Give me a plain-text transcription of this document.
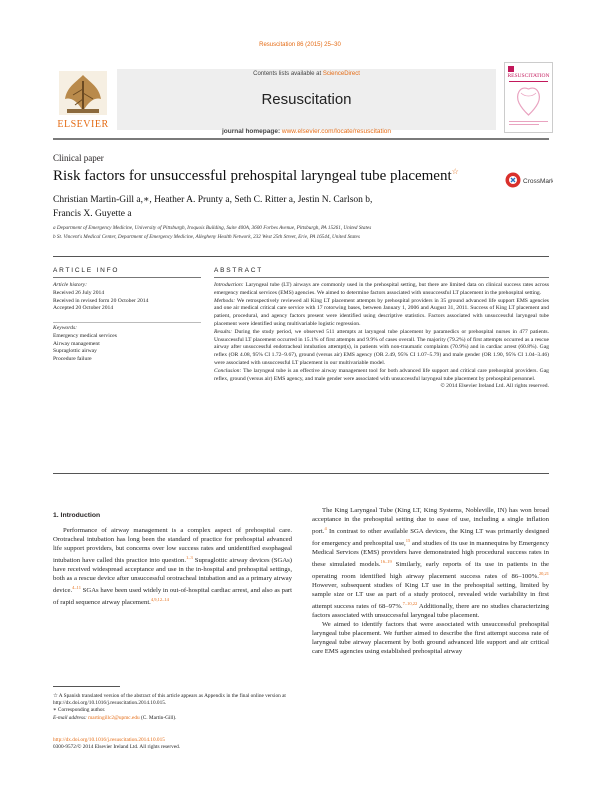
Resuscitation 86 (2015) 25–30
ELSEVIER
Contents lists available at ScienceDirect
Resuscitation
journal homepage: www.elsevier.com/locate/resuscitation
RESUSCITATION
Clinical paper
Risk factors for unsuccessful prehospital laryngeal tube placement☆
CrossMark
Christian Martin-Gill a,∗, Heather A. Prunty a, Seth C. Ritter a, Jestin N. Carlson b,
Francis X. Guyette a
a Department of Emergency Medicine, University of Pittsburgh, Iroquois Building, Suite 400A, 3600 Forbes Avenue, Pittsburgh, PA 15261, United States
b St. Vincent's Medical Center, Department of Emergency Medicine, Allegheny Health Network, 232 West 25th Street, Erie, PA 16544, United States
ARTICLE INFO	ABSTRACT
Article history:
Received 26 July 2014
Received in revised form 20 October 2014
Accepted 20 October 2014
Keywords:
Emergency medical services
Airway management
Supraglottic airway
Procedure failure

Introduction: Laryngeal tube (LT) airways are commonly used in the prehospital setting, but there are limited data on clinical success rates across emergency medical services (EMS) agencies. We aimed to determine factors associated with unsuccessful LT placement in the prehospital setting.

Methods: We retrospectively reviewed all King LT placement attempts by prehospital providers in 35 ground advanced life support EMS agencies and one air medical critical care service with 17 rotorwing bases, between January 1, 2006 and August 31, 2011. Success of King LT placement and patient, procedural, and agency factors present were identified using descriptive statistics. Factors associated with unsuccessful laryngeal tube placement were identified using multivariable logistic regression.

Results: During the study period, we observed 511 attempts at laryngeal tube placement by paramedics or prehospital nurses in 477 patients. Unsuccessful LT placement occurred in 15.1% of first attempts and 9.9% of cases overall. The majority (79.2%) of first attempts occurred as a rescue airway after unsuccessful endotracheal intubation attempt(s), in patients with non-traumatic complaints (70.9%) and in cardiac arrest (60.8%). Gag reflex (OR 4.08, 95% CI 1.72–9.67), ground (versus air) EMS agency (OR 2.49, 95% CI 1.07–5.79) and male gender (OR 1.90, 95% CI 1.04–3.46) were associated with unsuccessful LT placement in our multivariable model.

Conclusion: The laryngeal tube is an effective airway management tool for both advanced life support and critical care prehospital providers. Gag reflex, ground (versus air) EMS agency, and male gender were associated with unsuccessful laryngeal tube placement by prehospital personnel.

© 2014 Elsevier Ireland Ltd. All rights reserved.

1. Introduction

Performance of airway management is a complex aspect of prehospital care. Orotracheal intubation has long been the standard of practice for prehospital advanced life support providers, but concerns over low success rates and unidentified esophageal intubation have called this practice into question.$^{1-3}$ Supraglottic airway devices (SGAs) have received widespread acceptance and use in the in-hospital and prehospital settings, both as a rescue device after unsuccessful orotracheal intubation and as a primary airway device.$^{4-11}$ SGAs have been used widely in out-of-hospital cardiac arrest, and also as part of rapid sequence airway placement.$^{4,9,12-14}$

The King Laryngeal Tube (King LT, King Systems, Nobleville, IN) has won broad acceptance in the prehospital setting due to ease of use, including a single inflation port.$^4$ In contrast to other available SGA devices, the King LT was primarily designed for emergency and prehospital use,$^{15}$ and studies of its use in mannequins by Emergency Medical Services (EMS) providers have demonstrated high procedural success rates in these simulated models.$^{16-19}$ Similarly, early reports of its use in patients in the operating room identified high airway placement success rates of 86–100%.$^{20,21}$ However, subsequent studies of King LT use in the prehospital setting, limited by sample size or LT use as part of a study protocol, revealed wide variability in first attempt success rates of 68–97%.$^{7-10,22}$ Additionally, there are no studies characterizing factors associated with unsuccessful laryngeal tube placement.

We aimed to identify factors that were associated with unsuccessful prehospital laryngeal tube placement. We further aimed to describe the first attempt success rate of laryngeal tube airway placement by both ground advanced life support and air critical care EMS agencies using established prehospital airway

☆ A Spanish translated version of the abstract of this article appears as Appendix in the final online version at http://dx.doi.org/10.1016/j.resuscitation.2014.10.015.

∗ Corresponding author.

E-mail address: martingillc2@upmc.edu (C. Martin-Gill).

http://dx.doi.org/10.1016/j.resuscitation.2014.10.015

0300-9572/© 2014 Elsevier Ireland Ltd. All rights reserved.
